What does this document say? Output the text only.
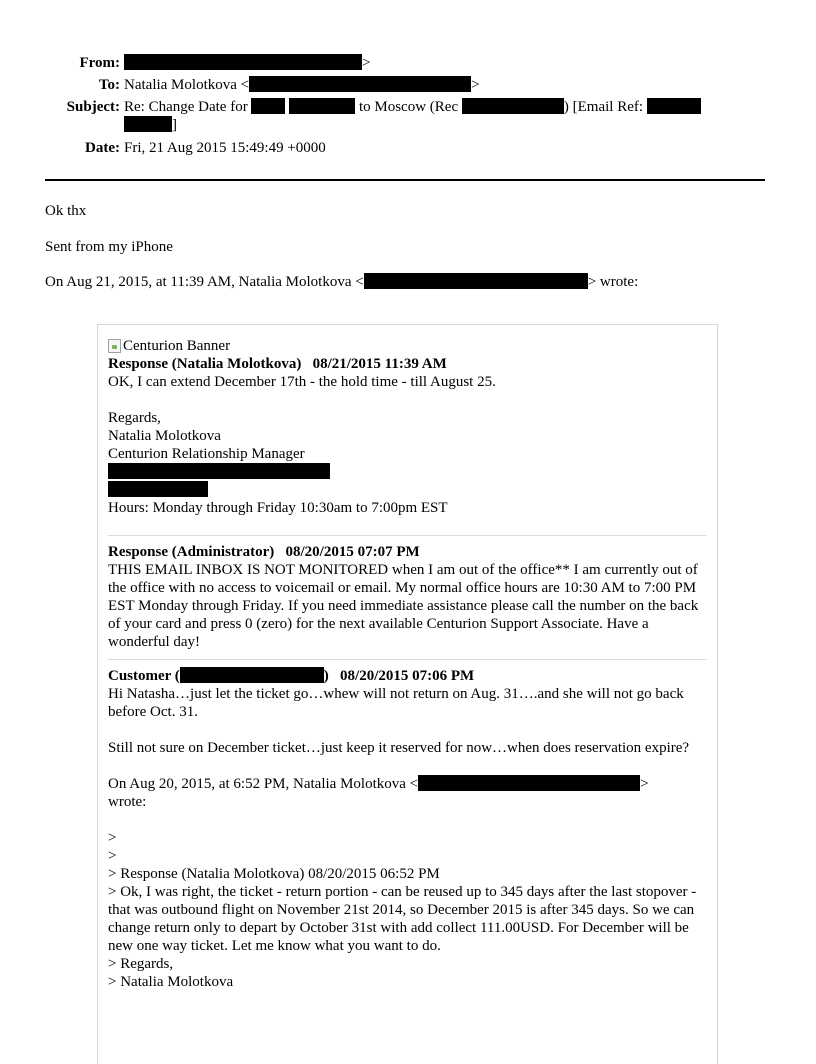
From:	>
To: Natalia Molotkova <	>
Subject: Re: Change Date for	to Moscow (Rec	) [Email Ref:
]
Date: Fri, 21 Aug 2015 15:49:49 +0000
Ok thx
Sent from my iPhone
On Aug 21, 2015, at 11:39 AM, Natalia Molotkova <	> wrote:
Centurion Banner

Response (Natalia Molotkova)   08/21/2015 11:39 AM

OK, I can extend December 17th - the hold time - till August 25.

Regards,

Natalia Molotkova

Centurion Relationship Manager

Hours: Monday through Friday 10:30am to 7:00pm EST

Response (Administrator)   08/20/2015 07:07 PM

THIS EMAIL INBOX IS NOT MONITORED when I am out of the office** I am currently out of the office with no access to voicemail or email. My normal office hours are 10:30 AM to 7:00 PM EST Monday through Friday. If you need immediate assistance please call the number on the back of your card and press 0 (zero) for the next available Centurion Support Associate. Have a wonderful day!

Customer (	)   08/20/2015 07:06 PM

Hi Natasha…just let the ticket go…whew will not return on Aug. 31….and she will not go back before Oct. 31.

Still not sure on December ticket…just keep it reserved for now…when does reservation expire?

On Aug 20, 2015, at 6:52 PM, Natalia Molotkova <	>

wrote:

>

>

> Response (Natalia Molotkova) 08/20/2015 06:52 PM

> Ok, I was right, the ticket - return portion - can be reused up to 345 days after the last stopover - that was outbound flight on November 21st 2014, so December 2015 is after 345 days. So we can change return only to depart by October 31st with add collect 111.00USD. For December will be new one way ticket. Let me know what you want to do.

> Regards,

> Natalia Molotkova
